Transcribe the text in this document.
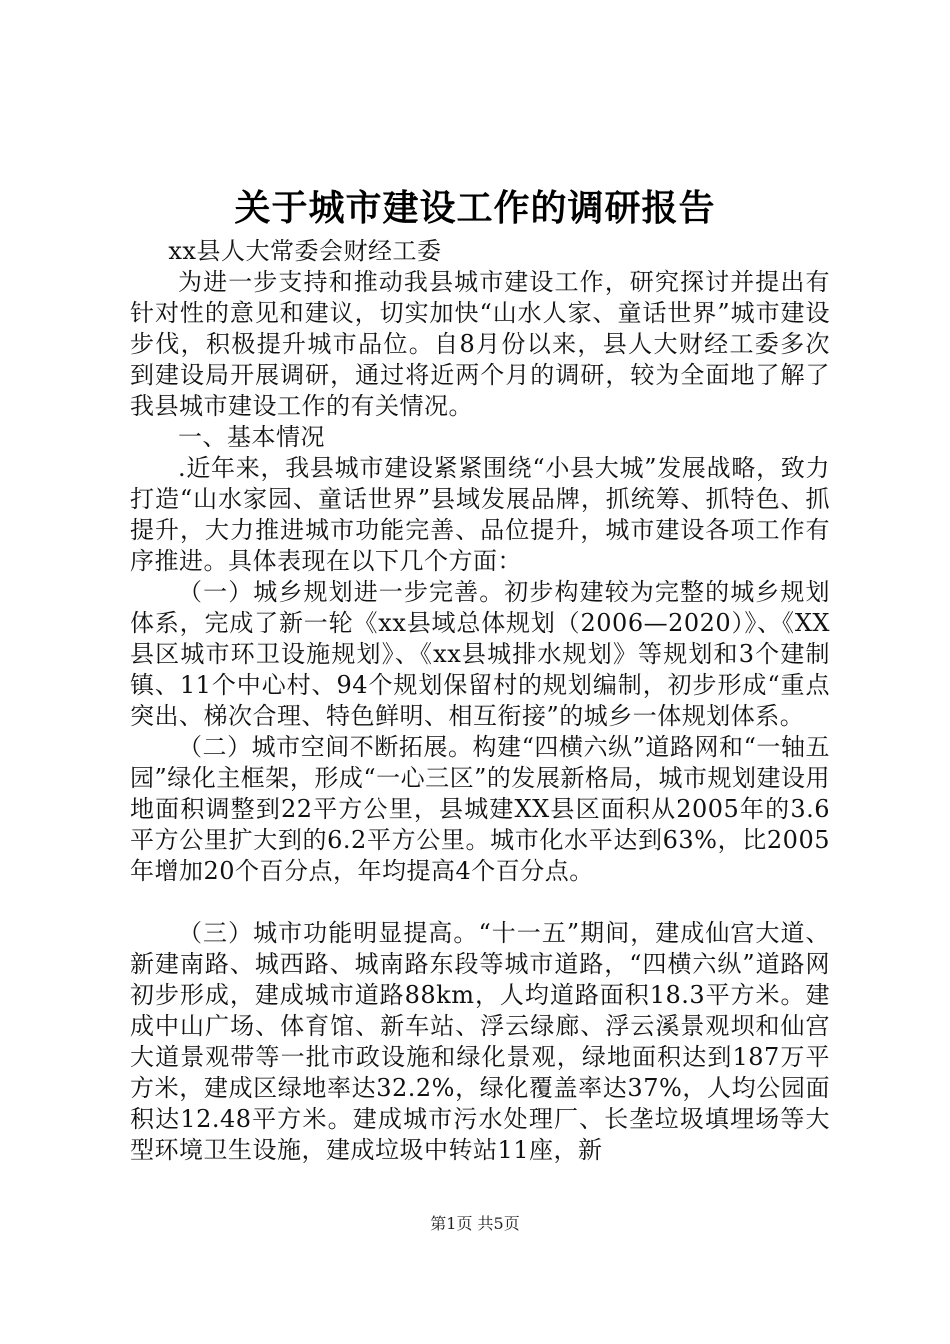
关于城市建设工作的调研报告

xx县人大常委会财经工委

为进一步支持和推动我县城市建设工作，研究探讨并提出有针对性的意见和建议，切实加快“山水人家、童话世界”城市建设步伐，积极提升城市品位。自8月份以来，县人大财经工委多次到建设局开展调研，通过将近两个月的调研，较为全面地了解了我县城市建设工作的有关情况。

一、基本情况

.近年来，我县城市建设紧紧围绕“小县大城”发展战略，致力打造“山水家园、童话世界”县域发展品牌，抓统筹、抓特色、抓提升，大力推进城市功能完善、品位提升，城市建设各项工作有序推进。具体表现在以下几个方面：

（一）城乡规划进一步完善。初步构建较为完整的城乡规划体系，完成了新一轮《xx县域总体规划（2006—2020）》、《XX县区城市环卫设施规划》、《xx县城排水规划》等规划和3个建制镇、11个中心村、94个规划保留村的规划编制，初步形成“重点突出、梯次合理、特色鲜明、相互衔接”的城乡一体规划体系。

（二）城市空间不断拓展。构建“四横六纵”道路网和“一轴五园”绿化主框架，形成“一心三区”的发展新格局，城市规划建设用地面积调整到22平方公里，县城建XX县区面积从2005年的3.6平方公里扩大到的6.2平方公里。城市化水平达到63%，比2005年增加20个百分点，年均提高4个百分点。

（三）城市功能明显提高。“十一五”期间，建成仙宫大道、新建南路、城西路、城南路东段等城市道路，“四横六纵”道路网初步形成，建成城市道路88km，人均道路面积18.3平方米。建成中山广场、体育馆、新车站、浮云绿廊、浮云溪景观坝和仙宫大道景观带等一批市政设施和绿化景观，绿地面积达到187万平方米，建成区绿地率达32.2%，绿化覆盖率达37%，人均公园面积达12.48平方米。建成城市污水处理厂、长垄垃圾填埋场等大型环境卫生设施，建成垃圾中转站11座，新

第1页 共5页
